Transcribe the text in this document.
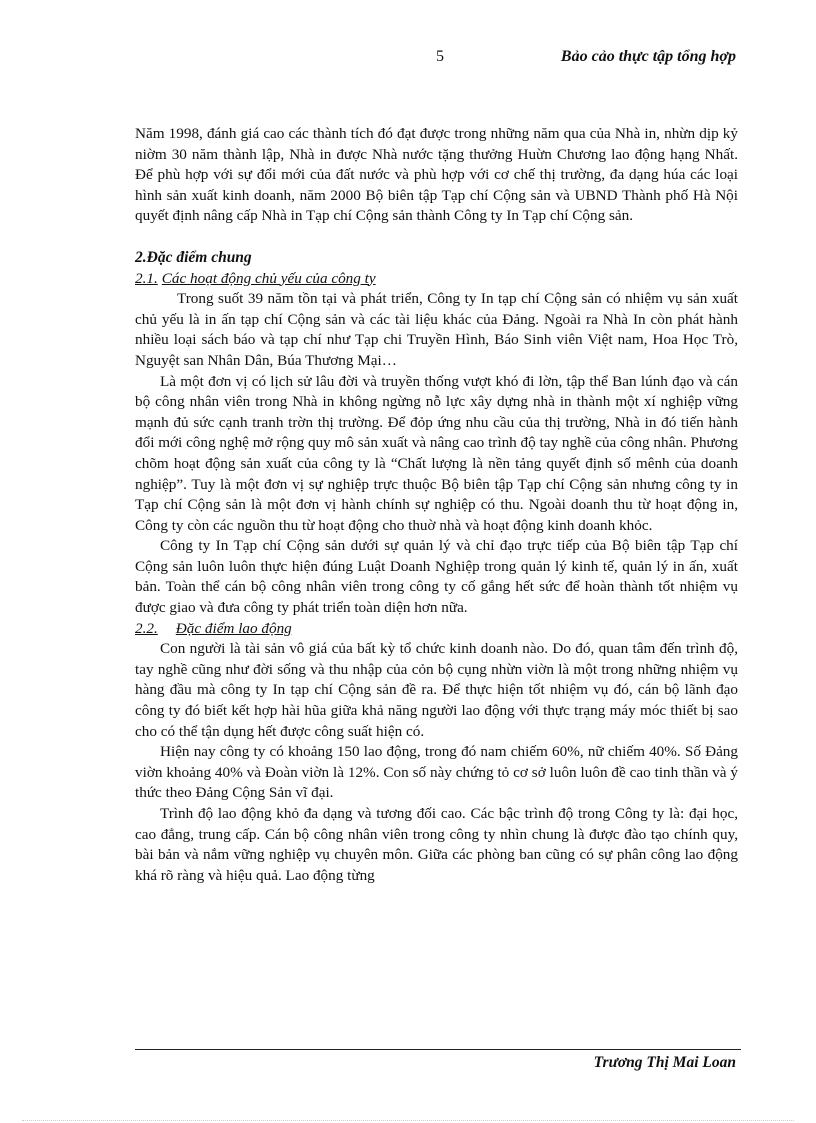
5	Bảo cảo thực tập tổng hợp

Năm 1998, đánh giá cao các thành tích đó đạt được trong những năm qua của Nhà in, nhừn dịp kỷ niờm 30 năm thành lập, Nhà in được Nhà nước tặng thưởng Huừn Chương lao động hạng Nhất. Để phù hợp với sự đổi mới của đất nước và phù hợp với cơ chế thị trường, đa dạng húa các loại hình sản xuất kinh doanh, năm 2000 Bộ biên tập Tạp chí Cộng sản và UBND Thành phố Hà Nội quyết định nâng cấp Nhà in Tạp chí Cộng sản thành Công ty In Tạp chí Cộng sản.

2.Đặc điểm chung

2.1. Các hoạt động chủ yếu của công ty

Trong suốt 39 năm tồn tại và phát triển, Công ty In tạp chí Cộng sản có nhiệm vụ sản xuất chủ yếu là in ấn tạp chí Cộng sản và các tài liệu khác của Đảng. Ngoài ra Nhà In còn phát hành nhiều loại sách báo và tạp chí như Tạp chi Truyền Hình, Báo Sinh viên Việt nam, Hoa Học Trò, Nguyệt san Nhân Dân, Búa Thương Mại…

Là một đơn vị có lịch sử lâu đời và truyền thống vượt khó đi lờn, tập thể Ban lúnh đạo và cán bộ công nhân viên trong Nhà in không ngừng nỗ lực xây dựng nhà in thành một xí nghiệp vững mạnh đủ sức cạnh tranh trờn thị trường. Để đỏp ứng nhu cầu của thị trường, Nhà in đó tiến hành đổi mới công nghệ mở rộng quy mô sản xuất và nâng cao trình độ tay nghề của công nhân. Phương chõm hoạt động sản xuất của công ty là “Chất lượng là nền tảng quyết định số mênh của doanh nghiệp”. Tuy là một đơn vị sự nghiệp trực thuộc Bộ biên tập Tạp chí Cộng sản nhưng công ty in Tạp chí Cộng sản là một đơn vị hành chính sự nghiệp có thu. Ngoài doanh thu từ hoạt động in, Công ty còn các nguồn thu từ hoạt động cho thuờ nhà và hoạt động kinh doanh khỏc.

Công ty In Tạp chí Cộng sản dưới sự quản lý và chỉ đạo trực tiếp của Bộ biên tập Tạp chí Cộng sản luôn luôn thực hiện đúng Luật Doanh Nghiệp trong quản lý kinh tế, quản lý in ấn, xuất bản. Toàn thể cán bộ công nhân viên trong công ty cố gắng hết sức để hoàn thành tốt nhiệm vụ được giao và đưa công ty phát triển toàn diện hơn nữa.

2.2. Đặc điểm lao động

Con người là tài sản vô giá của bất kỳ tổ chức kinh doanh nào. Do đó, quan tâm đến trình độ, tay nghề cũng như đời sống và thu nhập của cỏn bộ cụng nhừn viờn là một trong những nhiệm vụ hàng đầu mà công ty In tạp chí Cộng sản đề ra. Để thực hiện tốt nhiệm vụ đó, cán bộ lãnh đạo công ty đó biết kết hợp hài hũa giữa khả năng người lao động với thực trạng máy móc thiết bị sao cho có thể tận dụng hết được công suất hiện có.

Hiện nay công ty có khoảng 150 lao động, trong đó nam chiếm 60%, nữ chiếm 40%. Số Đảng viờn khoảng 40% và Đoàn viờn là 12%. Con số này chứng tỏ cơ sở luôn luôn đề cao tinh thần và ý thức theo Đảng Cộng Sản vĩ đại.

Trình độ lao động khỏ đa dạng và tương đối cao. Các bậc trình độ trong Công ty là: đại học, cao đẳng, trung cấp. Cán bộ công nhân viên trong công ty nhìn chung là được đào tạo chính quy, bài bản và nắm vững nghiệp vụ chuyên môn. Giữa các phòng ban cũng có sự phân công lao động khá rõ ràng và hiệu quả. Lao động từng

Trương Thị Mai Loan
